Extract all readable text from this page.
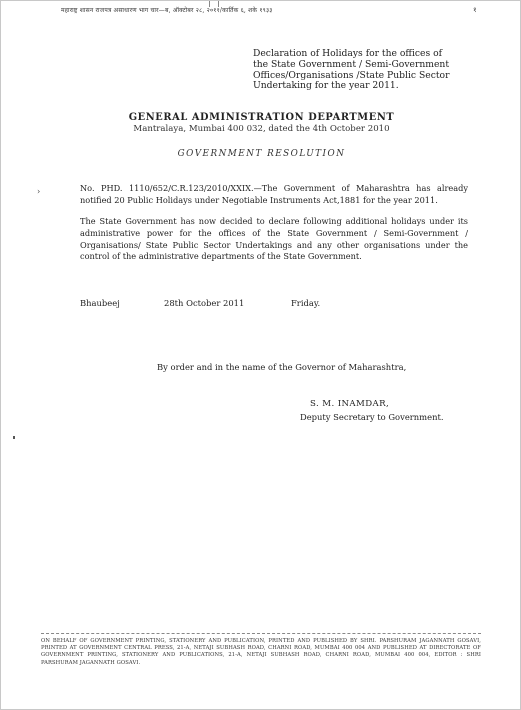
महाराष्ट्र शासन राजपत्र असाधारण भाग चार—ब, ऑक्टोबर २८, २०११/कार्तिक ६, शके १९३३	१
Declaration of Holidays for the offices of
the State Government / Semi-Government
Offices/Organisations /State Public Sector
Undertaking for the year 2011.
GENERAL ADMINISTRATION DEPARTMENT
Mantralaya, Mumbai 400 032, dated the 4th October 2010
GOVERNMENT RESOLUTION
›	No. PHD. 1110/652/C.R.123/2010/XXIX.—The Government of Maharashtra has already notified 20 Public Holidays under Negotiable Instruments Act,1881 for the year 2011.
The State Government has now decided to declare following additional holidays under its administrative power for the offices of the State Government / Semi-Government / Organisations/ State Public Sector Undertakings and any other organisations under the control of the administrative departments of the State Government.
Bhaubeej	28th October 2011	Friday.
By order and in the name of the Governor of Maharashtra,
S. M. INAMDAR,
Deputy Secretary to Government.
ON BEHALF OF GOVERNMENT PRINTING, STATIONERY AND PUBLICATION, PRINTED AND PUBLISHED BY SHRI. PARSHURAM JAGANNATH GOSAVI, PRINTED AT GOVERNMENT CENTRAL PRESS, 21-A, NETAJI SUBHASH ROAD, CHARNI ROAD, MUMBAI 400 004 AND PUBLISHED AT DIRECTORATE OF GOVERNMENT PRINTING, STATIONERY AND PUBLICATIONS, 21-A, NETAJI SUBHASH ROAD, CHARNI ROAD, MUMBAI 400 004, EDITOR : SHRI PARSHURAM JAGANNATH GOSAVI.
